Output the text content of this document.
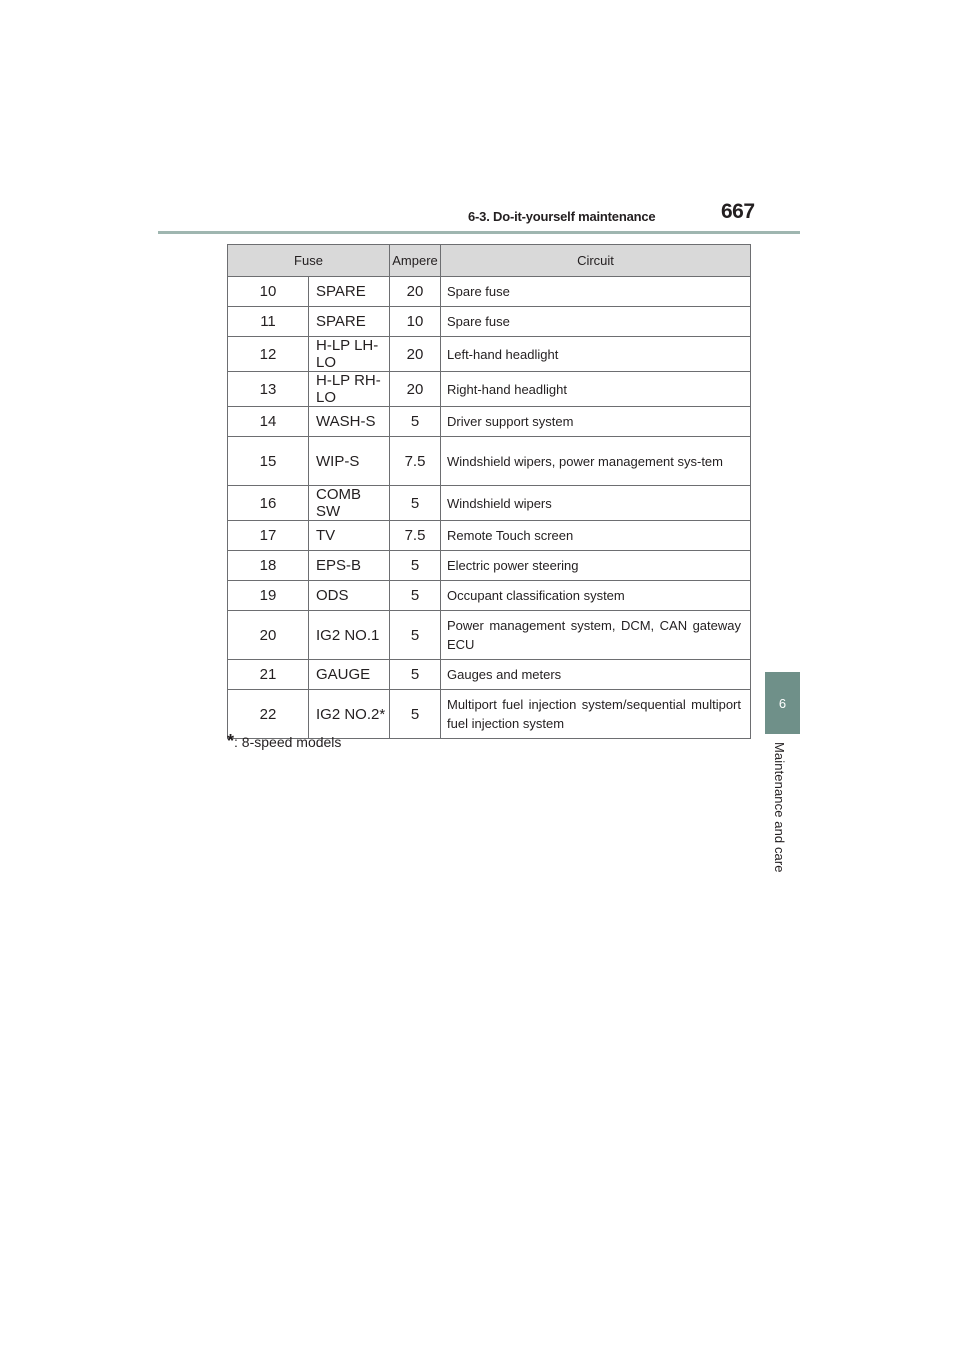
6-3. Do-it-yourself maintenance	667
6
Maintenance and care
Fuse		Ampere	Circuit
10	SPARE	20	Spare fuse
11	SPARE	10	Spare fuse
12	H-LP LH-LO	20	Left-hand headlight
13	H-LP RH-LO	20	Right-hand headlight
14	WASH-S	5	Driver support system
15	WIP-S	7.5	Windshield wipers, power management sys-tem
16	COMB SW	5	Windshield wipers
17	TV	7.5	Remote Touch screen
18	EPS-B	5	Electric power steering
19	ODS	5	Occupant classification system
20	IG2 NO.1	5	Power management system, DCM, CAN gateway ECU
21	GAUGE	5	Gauges and meters
22	IG2 NO.2*	5	Multiport fuel injection system/sequential multiport fuel injection system
*: 8-speed models
